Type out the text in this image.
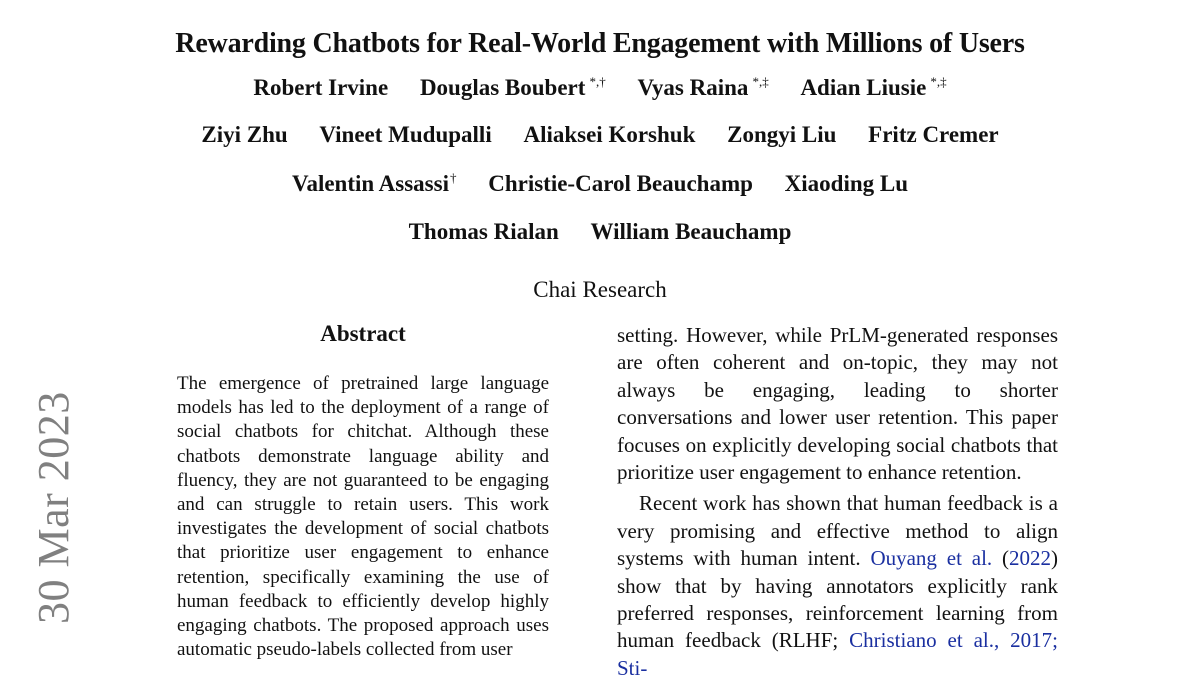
Rewarding Chatbots for Real-World Engagement with Millions of Users
Robert Irvine Douglas Boubert *,† Vyas Raina *,‡ Adian Liusie *,‡
Ziyi Zhu Vineet Mudupalli Aliaksei Korshuk Zongyi Liu Fritz Cremer
Valentin Assassi† Christie-Carol Beauchamp Xiaoding Lu
Thomas Rialan William Beauchamp
Chai Research
30 Mar 2023
Abstract
The emergence of pretrained large language models has led to the deployment of a range of social chatbots for chitchat. Although these chatbots demonstrate language ability and fluency, they are not guaranteed to be engaging and can struggle to retain users. This work investigates the development of social chatbots that prioritize user engagement to enhance retention, specifically examining the use of human feedback to efficiently develop highly engaging chatbots. The proposed approach uses automatic pseudo-labels collected from user

setting. However, while PrLM-generated responses are often coherent and on-topic, they may not always be engaging, leading to shorter conversations and lower user retention. This paper focuses on explicitly developing social chatbots that prioritize user engagement to enhance retention.

Recent work has shown that human feedback is a very promising and effective method to align systems with human intent. Ouyang et al. (2022) show that by having annotators explicitly rank preferred responses, reinforcement learning from human feedback (RLHF; Christiano et al., 2017; Sti-
